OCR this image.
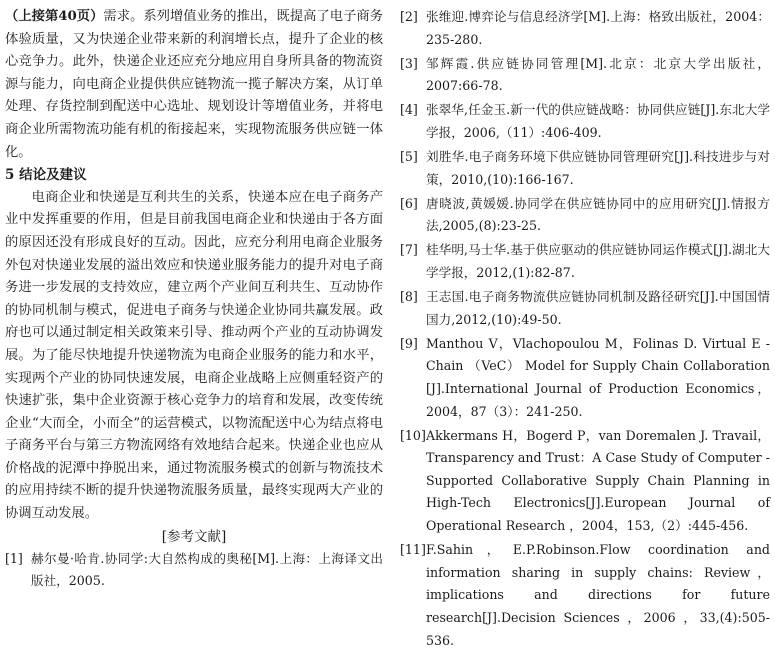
（上接第40页）需求。系列增值业务的推出，既提高了电子商务体验质量，又为快递企业带来新的利润增长点，提升了企业的核心竞争力。此外，快递企业还应充分地应用自身所具备的物流资源与能力，向电商企业提供供应链物流一揽子解决方案，从订单处理、存货控制到配送中心选址、规划设计等增值业务，并将电商企业所需物流功能有机的衔接起来，实现物流服务供应链一体化。

5 结论及建议

电商企业和快递是互利共生的关系，快递本应在电子商务产业中发挥重要的作用，但是目前我国电商企业和快递由于各方面的原因还没有形成良好的互动。因此，应充分利用电商企业服务外包对快递业发展的溢出效应和快递业服务能力的提升对电子商务进一步发展的支持效应，建立两个产业间互利共生、互动协作的协同机制与模式，促进电子商务与快递企业协同共赢发展。政府也可以通过制定相关政策来引导、推动两个产业的互动协调发展。为了能尽快地提升快递物流为电商企业服务的能力和水平，实现两个产业的协同快速发展，电商企业战略上应侧重轻资产的快速扩张，集中企业资源于核心竞争力的培育和发展，改变传统企业“大而全，小而全”的运营模式，以物流配送中心为结点将电子商务平台与第三方物流网络有效地结合起来。快递企业也应从价格战的泥潭中挣脱出来，通过物流服务模式的创新与物流技术的应用持续不断的提升快递物流服务质量，最终实现两大产业的协调互动发展。

[参考文献]
[1] 赫尔曼·哈肯.协同学:大自然构成的奥秘[M].上海：上海译文出版社，2005.
[2] 张维迎.博弈论与信息经济学[M].上海：格致出版社，2004：235-280.
[3] 邹辉霞.供应链协同管理[M].北京：北京大学出版社，2007:66-78.
[4] 张翠华,任金玉.新一代的供应链战略：协同供应链[J].东北大学学报，2006,（11）:406-409.
[5] 刘胜华.电子商务环境下供应链协同管理研究[J].科技进步与对策，2010,(10):166-167.
[6] 唐晓波,黄媛媛.协同学在供应链协同中的应用研究[J].情报方法,2005,(8):23-25.
[7] 桂华明,马士华.基于供应驱动的供应链协同运作模式[J].湖北大学学报，2012,(1):82-87.
[8] 王志国.电子商务物流供应链协同机制及路径研究[J].中国国情国力,2012,(10):49-50.
[9] Manthou V，Vlachopoulou M，Folinas D. Virtual E -Chain （VeC） Model for Supply Chain Collaboration [J].International Journal of Production Economics，2004，87（3）：241-250.
[10] Akkermans H，Bogerd P，van Doremalen J. Travail，Transparency and Trust：A Case Study of Computer -Supported Collaborative Supply Chain Planning in High-Tech Electronics[J].European Journal of Operational Research ，2004，153,（2）:445-456.
[11] F.Sahin，E.P.Robinson.Flow coordination and information sharing in supply chains: Review，implications and directions for future research[J].Decision Sciences ，2006 ，33,(4):505-536.
